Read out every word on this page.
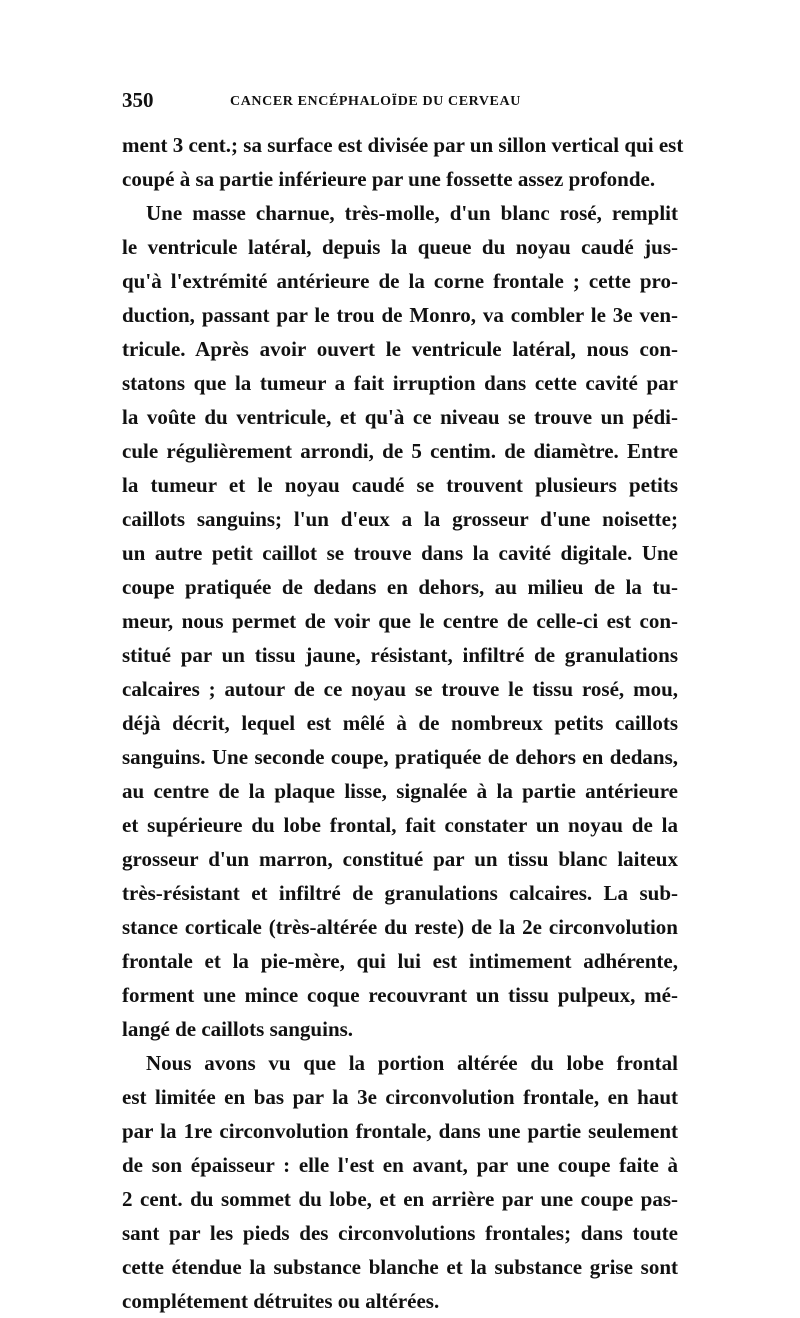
350	CANCER ENCÉPHALOÏDE DU CERVEAU
ment 3 cent.; sa surface est divisée par un sillon vertical qui est
coupé à sa partie inférieure par une fossette assez profonde.
Une masse charnue, très-molle, d'un blanc rosé, remplit
le ventricule latéral, depuis la queue du noyau caudé jus-
qu'à l'extrémité antérieure de la corne frontale ; cette pro-
duction, passant par le trou de Monro, va combler le 3e ven-
tricule. Après avoir ouvert le ventricule latéral, nous con-
statons que la tumeur a fait irruption dans cette cavité par
la voûte du ventricule, et qu'à ce niveau se trouve un pédi-
cule régulièrement arrondi, de 5 centim. de diamètre. Entre
la tumeur et le noyau caudé se trouvent plusieurs petits
caillots sanguins; l'un d'eux a la grosseur d'une noisette;
un autre petit caillot se trouve dans la cavité digitale. Une
coupe pratiquée de dedans en dehors, au milieu de la tu-
meur, nous permet de voir que le centre de celle-ci est con-
stitué par un tissu jaune, résistant, infiltré de granulations
calcaires ; autour de ce noyau se trouve le tissu rosé, mou,
déjà décrit, lequel est mêlé à de nombreux petits caillots
sanguins. Une seconde coupe, pratiquée de dehors en dedans,
au centre de la plaque lisse, signalée à la partie antérieure
et supérieure du lobe frontal, fait constater un noyau de la
grosseur d'un marron, constitué par un tissu blanc laiteux
très-résistant et infiltré de granulations calcaires. La sub-
stance corticale (très-altérée du reste) de la 2e circonvolution
frontale et la pie-mère, qui lui est intimement adhérente,
forment une mince coque recouvrant un tissu pulpeux, mé-
langé de caillots sanguins.
Nous avons vu que la portion altérée du lobe frontal
est limitée en bas par la 3e circonvolution frontale, en haut
par la 1re circonvolution frontale, dans une partie seulement
de son épaisseur : elle l'est en avant, par une coupe faite à
2 cent. du sommet du lobe, et en arrière par une coupe pas-
sant par les pieds des circonvolutions frontales; dans toute
cette étendue la substance blanche et la substance grise sont
complétement détruites ou altérées.
